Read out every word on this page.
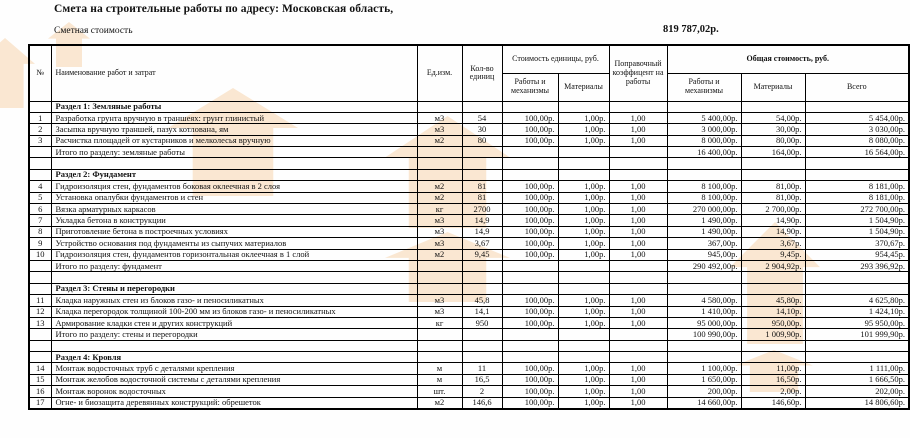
Смета на строительные работы по адресу: Московская область,
Сметная стоимость	819 787,02р.
№	Наименование работ и затрат	Ед.изм.	Кол-во единиц	Стоимость единицы, руб.		Поправочный коэффицент на работы	Общая стоимость, руб.		
				Работы и механизмы	Материалы		Работы и механизмы	Материалы	Всего
	Раздел 1: Земляные работы								
1	Разработка грунта вручную в траншеях: грунт глинистый	м3	54	100,00р.	1,00р.	1,00	5 400,00р.	54,00р.	5 454,00р.
2	Засыпка вручную траншей, пазух котлована, ям	м3	30	100,00р.	1,00р.	1,00	3 000,00р.	30,00р.	3 030,00р.
3	Расчистка площадей от кустарников и мелколесья вручную	м2	80	100,00р.	1,00р.	1,00	8 000,00р.	80,00р.	8 080,00р.
	Итого по разделу: земляные работы						16 400,00р.	164,00р.	16 564,00р.

	Раздел 2: Фундамент								
4	Гидроизоляция стен, фундаментов боковая оклеечная в 2 слоя	м2	81	100,00р.	1,00р.	1,00	8 100,00р.	81,00р.	8 181,00р.
5	Установка опалубки фундаментов и стен	м2	81	100,00р.	1,00р.	1,00	8 100,00р.	81,00р.	8 181,00р.
6	Вязка арматурных каркасов	кг	2700	100,00р.	1,00р.	1,00	270 000,00р.	2 700,00р.	272 700,00р.
7	Укладка бетона в конструкции	м3	14,9	100,00р.	1,00р.	1,00	1 490,00р.	14,90р.	1 504,90р.
8	Приготовление бетона в построечных условиях	м3	14,9	100,00р.	1,00р.	1,00	1 490,00р.	14,90р.	1 504,90р.
9	Устройство основания под фундаменты из сыпучих материалов	м3	3,67	100,00р.	1,00р.	1,00	367,00р.	3,67р.	370,67р.
10	Гидроизоляция стен, фундаментов горизонтальная оклеечная в 1 слой	м2	9,45	100,00р.	1,00р.	1,00	945,00р.	9,45р.	954,45р.
	Итого по разделу: фундамент						290 492,00р.	2 904,92р.	293 396,92р.

	Раздел 3: Стены и перегородки								
11	Кладка наружных стен из блоков газо- и пеносиликатных	м3	45,8	100,00р.	1,00р.	1,00	4 580,00р.	45,80р.	4 625,80р.
12	Кладка перегородок толщиной 100-200 мм из блоков газо- и пеносиликатных	м3	14,1	100,00р.	1,00р.	1,00	1 410,00р.	14,10р.	1 424,10р.
13	Армирование кладки стен и других конструкций	кг	950	100,00р.	1,00р.	1,00	95 000,00р.	950,00р.	95 950,00р.
	Итого по разделу: стены и перегородки						100 990,00р.	1 009,90р.	101 999,90р.

	Раздел 4: Кровля								
14	Монтаж водосточных труб с деталями крепления	м	11	100,00р.	1,00р.	1,00	1 100,00р.	11,00р.	1 111,00р.
15	Монтаж желобов водосточной системы с деталями крепления	м	16,5	100,00р.	1,00р.	1,00	1 650,00р.	16,50р.	1 666,50р.
16	Монтаж воронок водосточных	шт.	2	100,00р.	1,00р.	1,00	200,00р.	2,00р.	202,00р.
17	Огне- и биозащита деревянных конструкций: обрешеток	м2	146,6	100,00р.	1,00р.	1,00	14 660,00р.	146,60р.	14 806,60р.
